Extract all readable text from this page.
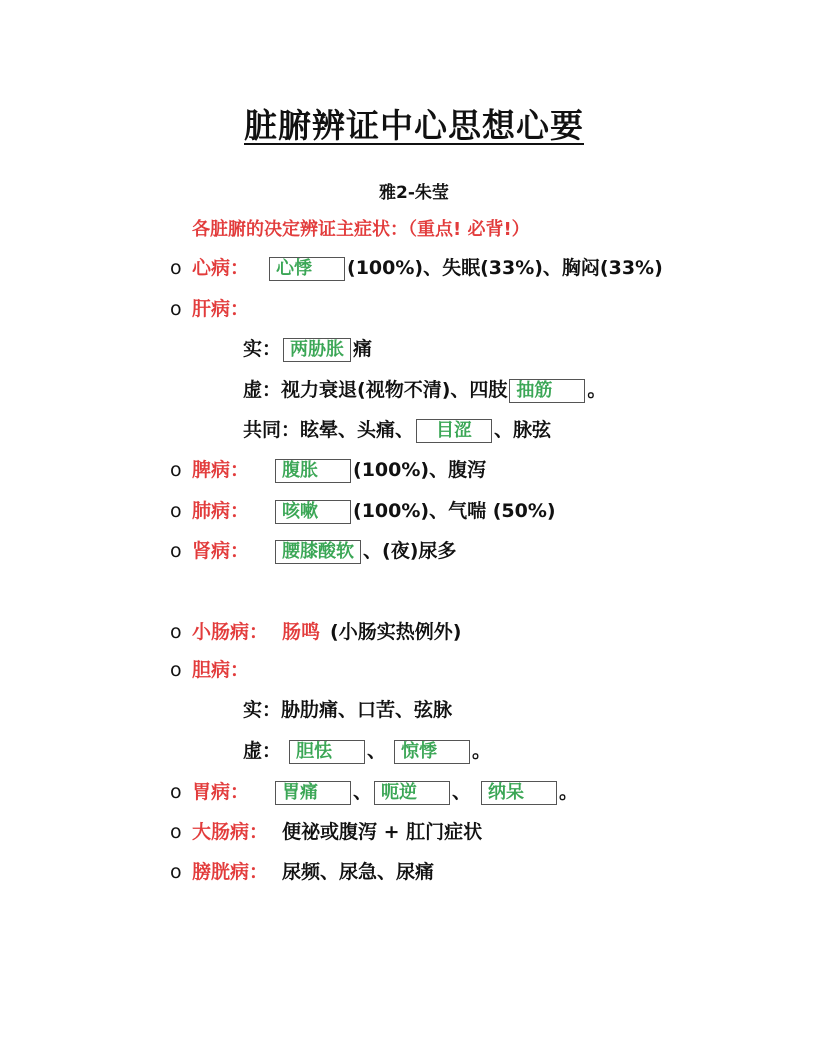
脏腑辨证中心思想心要
雅2-朱莹
各脏腑的决定辨证主症状：（重点! 必背!）
o 心病： 心悸 (100%)、失眠(33%)、胸闷(33%)
o 肝病：
实： 两胁胀 痛
虚：视力衰退(视物不清)、四肢 抽筋 。
共同：眩晕、头痛、 目涩 、脉弦
o 脾病： 腹胀 (100%)、腹泻
o 肺病： 咳嗽 (100%)、气喘 (50%)
o 肾病： 腰膝酸软 、(夜)尿多
o 小肠病： 肠鸣 (小肠实热例外)
o 胆病：
实：胁肋痛、口苦、弦脉
虚： 胆怯 、 惊悸 。
o 胃病： 胃痛 、 呃逆 、 纳呆 。
o 大肠病： 便祕或腹泻 + 肛门症状
o 膀胱病： 尿频、尿急、尿痛
